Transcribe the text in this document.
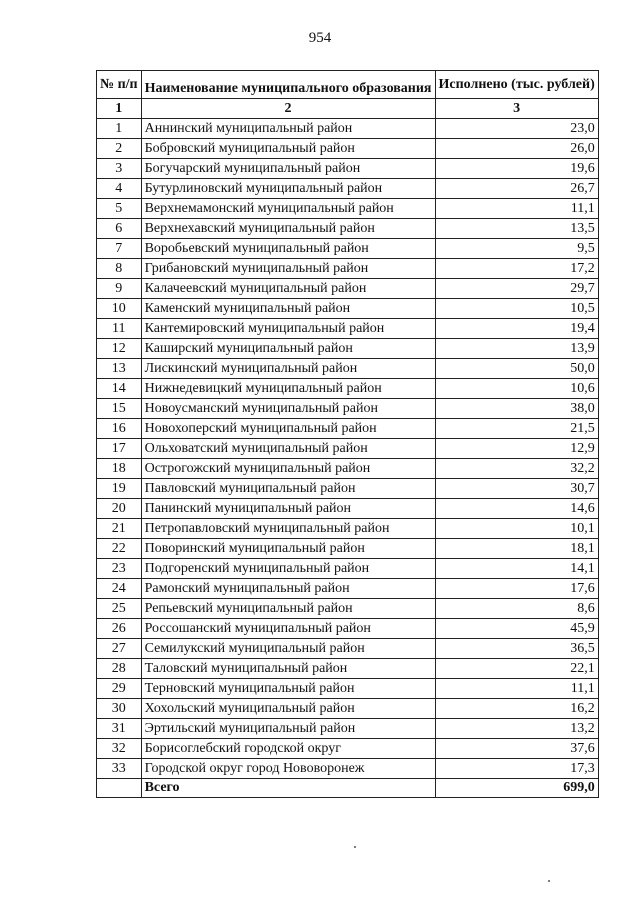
954
№ п/п	Наименование муниципального образования	Исполнено (тыс. рублей)
1	2	3
1	Аннинский муниципальный район	23,0
2	Бобровский муниципальный район	26,0
3	Богучарский муниципальный район	19,6
4	Бутурлиновский муниципальный район	26,7
5	Верхнемамонский муниципальный район	11,1
6	Верхнехавский муниципальный район	13,5
7	Воробьевский муниципальный район	9,5
8	Грибановский муниципальный район	17,2
9	Калачеевский муниципальный район	29,7
10	Каменский муниципальный район	10,5
11	Кантемировский муниципальный район	19,4
12	Каширский муниципальный район	13,9
13	Лискинский муниципальный район	50,0
14	Нижнедевицкий муниципальный район	10,6
15	Новоусманский муниципальный район	38,0
16	Новохоперский муниципальный район	21,5
17	Ольховатский муниципальный район	12,9
18	Острогожский муниципальный район	32,2
19	Павловский муниципальный район	30,7
20	Панинский муниципальный район	14,6
21	Петропавловский муниципальный район	10,1
22	Поворинский муниципальный район	18,1
23	Подгоренский муниципальный район	14,1
24	Рамонский муниципальный район	17,6
25	Репьевский муниципальный район	8,6
26	Россошанский муниципальный район	45,9
27	Семилукский муниципальный район	36,5
28	Таловский муниципальный район	22,1
29	Терновский муниципальный район	11,1
30	Хохольский муниципальный район	16,2
31	Эртильский муниципальный район	13,2
32	Борисоглебский городской округ	37,6
33	Городской округ город Нововоронеж	17,3
	Всего	699,0
